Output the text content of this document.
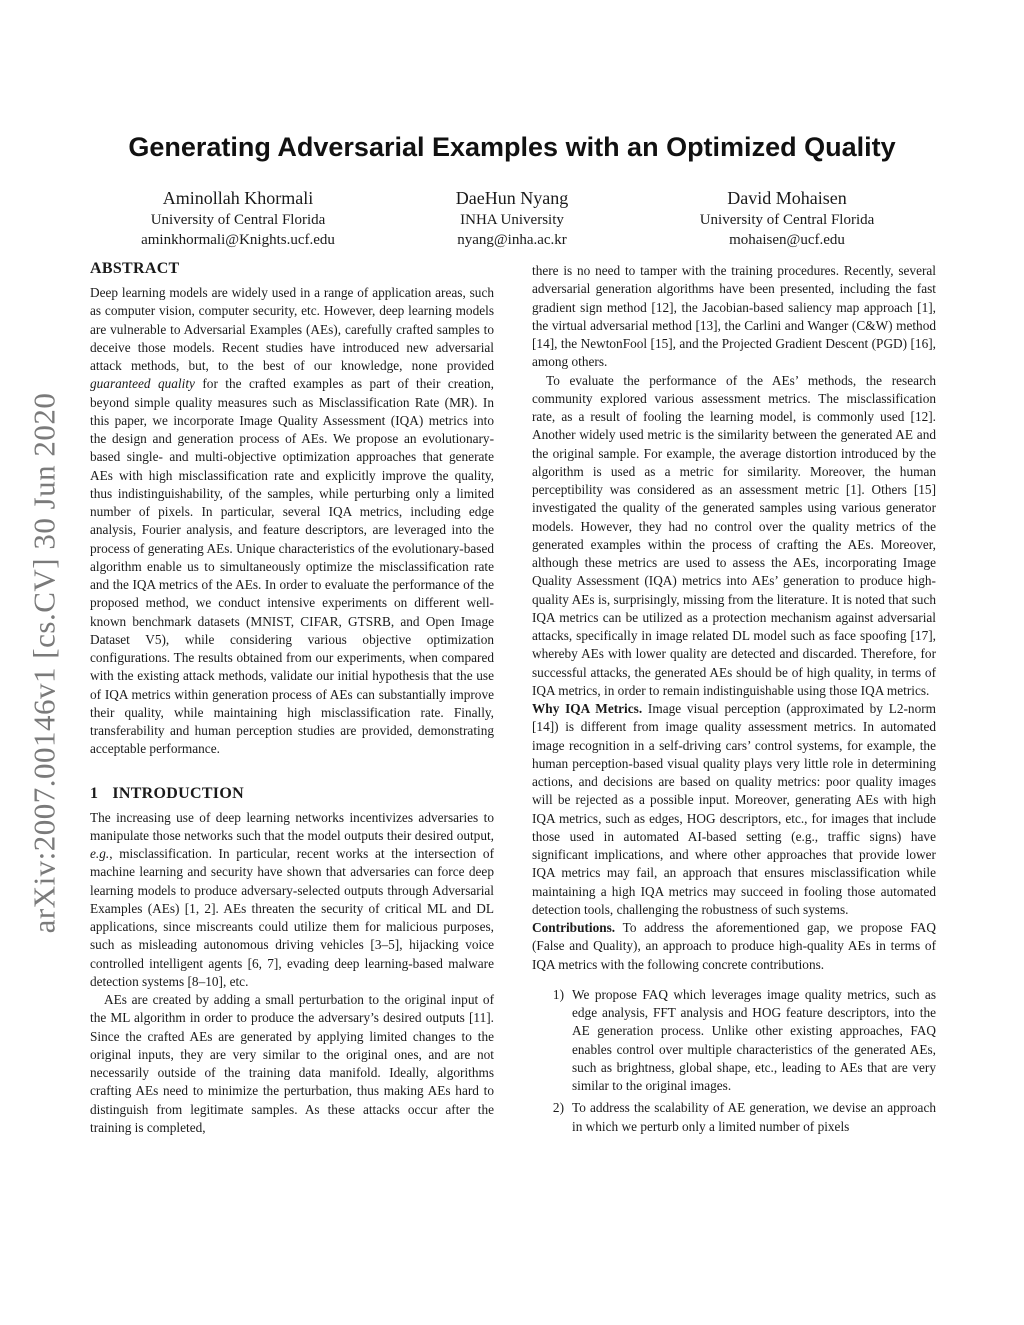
arXiv:2007.00146v1 [cs.CV] 30 Jun 2020
Generating Adversarial Examples with an Optimized Quality
Aminollah Khormali
University of Central Florida
aminkhormali@Knights.ucf.edu
DaeHun Nyang
INHA University
nyang@inha.ac.kr
David Mohaisen
University of Central Florida
mohaisen@ucf.edu
ABSTRACT

Deep learning models are widely used in a range of application areas, such as computer vision, computer security, etc. However, deep learning models are vulnerable to Adversarial Examples (AEs), carefully crafted samples to deceive those models. Recent studies have introduced new adversarial attack methods, but, to the best of our knowledge, none provided guaranteed quality for the crafted examples as part of their creation, beyond simple quality measures such as Misclassification Rate (MR). In this paper, we incorporate Image Quality Assessment (IQA) metrics into the design and generation process of AEs. We propose an evolutionary-based single- and multi-objective optimization approaches that generate AEs with high misclassification rate and explicitly improve the quality, thus indistinguishability, of the samples, while perturbing only a limited number of pixels. In particular, several IQA metrics, including edge analysis, Fourier analysis, and feature descriptors, are leveraged into the process of generating AEs. Unique characteristics of the evolutionary-based algorithm enable us to simultaneously optimize the misclassification rate and the IQA metrics of the AEs. In order to evaluate the performance of the proposed method, we conduct intensive experiments on different well-known benchmark datasets (MNIST, CIFAR, GTSRB, and Open Image Dataset V5), while considering various objective optimization configurations. The results obtained from our experiments, when compared with the existing attack methods, validate our initial hypothesis that the use of IQA metrics within generation process of AEs can substantially improve their quality, while maintaining high misclassification rate. Finally, transferability and human perception studies are provided, demonstrating acceptable performance.

1 INTRODUCTION

The increasing use of deep learning networks incentivizes adversaries to manipulate those networks such that the model outputs their desired output, e.g., misclassification. In particular, recent works at the intersection of machine learning and security have shown that adversaries can force deep learning models to produce adversary-selected outputs through Adversarial Examples (AEs) [1, 2]. AEs threaten the security of critical ML and DL applications, since miscreants could utilize them for malicious purposes, such as misleading autonomous driving vehicles [3–5], hijacking voice controlled intelligent agents [6, 7], evading deep learning-based malware detection systems [8–10], etc.

AEs are created by adding a small perturbation to the original input of the ML algorithm in order to produce the adversary’s desired outputs [11]. Since the crafted AEs are generated by applying limited changes to the original inputs, they are very similar to the original ones, and are not necessarily outside of the training data manifold. Ideally, algorithms crafting AEs need to minimize the perturbation, thus making AEs hard to distinguish from legitimate samples. As these attacks occur after the training is completed,

there is no need to tamper with the training procedures. Recently, several adversarial generation algorithms have been presented, including the fast gradient sign method [12], the Jacobian-based saliency map approach [1], the virtual adversarial method [13], the Carlini and Wanger (C&W) method [14], the NewtonFool [15], and the Projected Gradient Descent (PGD) [16], among others.

To evaluate the performance of the AEs’ methods, the research community explored various assessment metrics. The misclassification rate, as a result of fooling the learning model, is commonly used [12]. Another widely used metric is the similarity between the generated AE and the original sample. For example, the average distortion introduced by the algorithm is used as a metric for similarity. Moreover, the human perceptibility was considered as an assessment metric [1]. Others [15] investigated the quality of the generated samples using various generator models. However, they had no control over the quality metrics of the generated examples within the process of crafting the AEs. Moreover, although these metrics are used to assess the AEs, incorporating Image Quality Assessment (IQA) metrics into AEs’ generation to produce high-quality AEs is, surprisingly, missing from the literature. It is noted that such IQA metrics can be utilized as a protection mechanism against adversarial attacks, specifically in image related DL model such as face spoofing [17], whereby AEs with lower quality are detected and discarded. Therefore, for successful attacks, the generated AEs should be of high quality, in terms of IQA metrics, in order to remain indistinguishable using those IQA metrics.

Why IQA Metrics. Image visual perception (approximated by L2-norm [14]) is different from image quality assessment metrics. In automated image recognition in a self-driving cars’ control systems, for example, the human perception-based visual quality plays very little role in determining actions, and decisions are based on quality metrics: poor quality images will be rejected as a possible input. Moreover, generating AEs with high IQA metrics, such as edges, HOG descriptors, etc., for images that include those used in automated AI-based setting (e.g., traffic signs) have significant implications, and where other approaches that provide lower IQA metrics may fail, an approach that ensures misclassification while maintaining a high IQA metrics may succeed in fooling those automated detection tools, challenging the robustness of such systems.

Contributions. To address the aforementioned gap, we propose FAQ (False and Quality), an approach to produce high-quality AEs in terms of IQA metrics with the following concrete contributions.

1) We propose FAQ which leverages image quality metrics, such as edge analysis, FFT analysis and HOG feature descriptors, into the AE generation process. Unlike other existing approaches, FAQ enables control over multiple characteristics of the generated AEs, such as brightness, global shape, etc., leading to AEs that are very similar to the original images.
2) To address the scalability of AE generation, we devise an approach in which we perturb only a limited number of pixels
